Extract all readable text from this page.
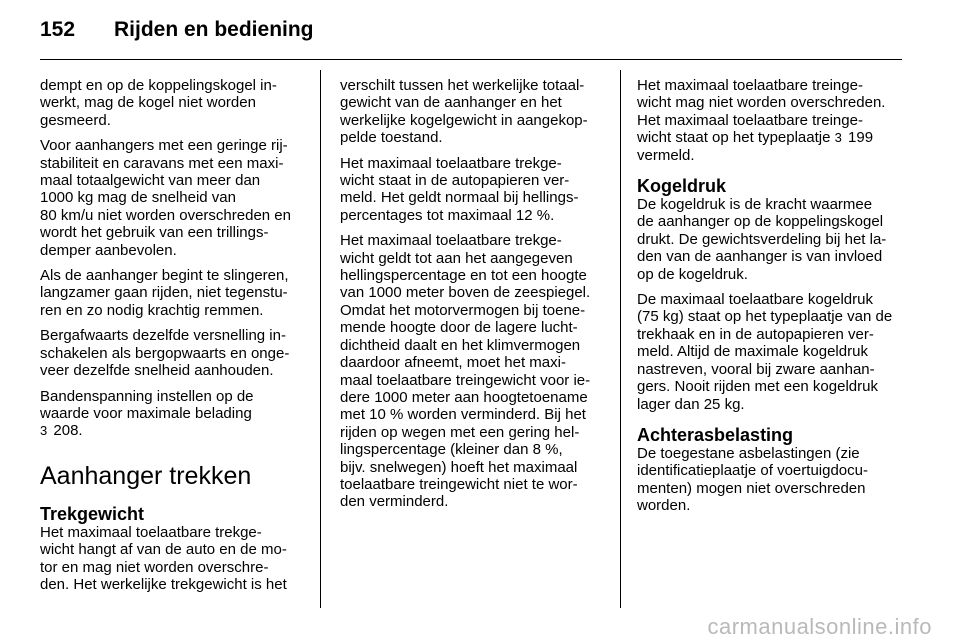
152	Rijden en bediening

dempt en op de koppelingskogel in-
werkt, mag de kogel niet worden
gesmeerd.

Voor aanhangers met een geringe rij-
stabiliteit en caravans met een maxi-
maal totaalgewicht van meer dan
1000 kg mag de snelheid van
80 km/u niet worden overschreden en
wordt het gebruik van een trillings-
demper aanbevolen.

Als de aanhanger begint te slingeren,
langzamer gaan rijden, niet tegenstu-
ren en zo nodig krachtig remmen.

Bergafwaarts dezelfde versnelling in-
schakelen als bergopwaarts en onge-
veer dezelfde snelheid aanhouden.

Bandenspanning instellen op de
waarde voor maximale belading
3 208.

Aanhanger trekken
Trekgewicht

Het maximaal toelaatbare trekge-
wicht hangt af van de auto en de mo-
tor en mag niet worden overschre-
den. Het werkelijke trekgewicht is het

verschilt tussen het werkelijke totaal-
gewicht van de aanhanger en het
werkelijke kogelgewicht in aangekop-
pelde toestand.

Het maximaal toelaatbare trekge-
wicht staat in de autopapieren ver-
meld. Het geldt normaal bij hellings-
percentages tot maximaal 12 %.

Het maximaal toelaatbare trekge-
wicht geldt tot aan het aangegeven
hellingspercentage en tot een hoogte
van 1000 meter boven de zeespiegel.
Omdat het motorvermogen bij toene-
mende hoogte door de lagere lucht-
dichtheid daalt en het klimvermogen
daardoor afneemt, moet het maxi-
maal toelaatbare treingewicht voor ie-
dere 1000 meter aan hoogtetoename
met 10 % worden verminderd. Bij het
rijden op wegen met een gering hel-
lingspercentage (kleiner dan 8 %,
bijv. snelwegen) hoeft het maximaal
toelaatbare treingewicht niet te wor-
den verminderd.

Het maximaal toelaatbare treinge-
wicht mag niet worden overschreden.
Het maximaal toelaatbare treinge-
wicht staat op het typeplaatje 3 199
vermeld.

Kogeldruk

De kogeldruk is de kracht waarmee
de aanhanger op de koppelingskogel
drukt. De gewichtsverdeling bij het la-
den van de aanhanger is van invloed
op de kogeldruk.

De maximaal toelaatbare kogeldruk
(75 kg) staat op het typeplaatje van de
trekhaak en in de autopapieren ver-
meld. Altijd de maximale kogeldruk
nastreven, vooral bij zware aanhan-
gers. Nooit rijden met een kogeldruk
lager dan 25 kg.

Achterasbelasting

De toegestane asbelastingen (zie
identificatieplaatje of voertuigdocu-
menten) mogen niet overschreden
worden.

carmanualsonline.info
